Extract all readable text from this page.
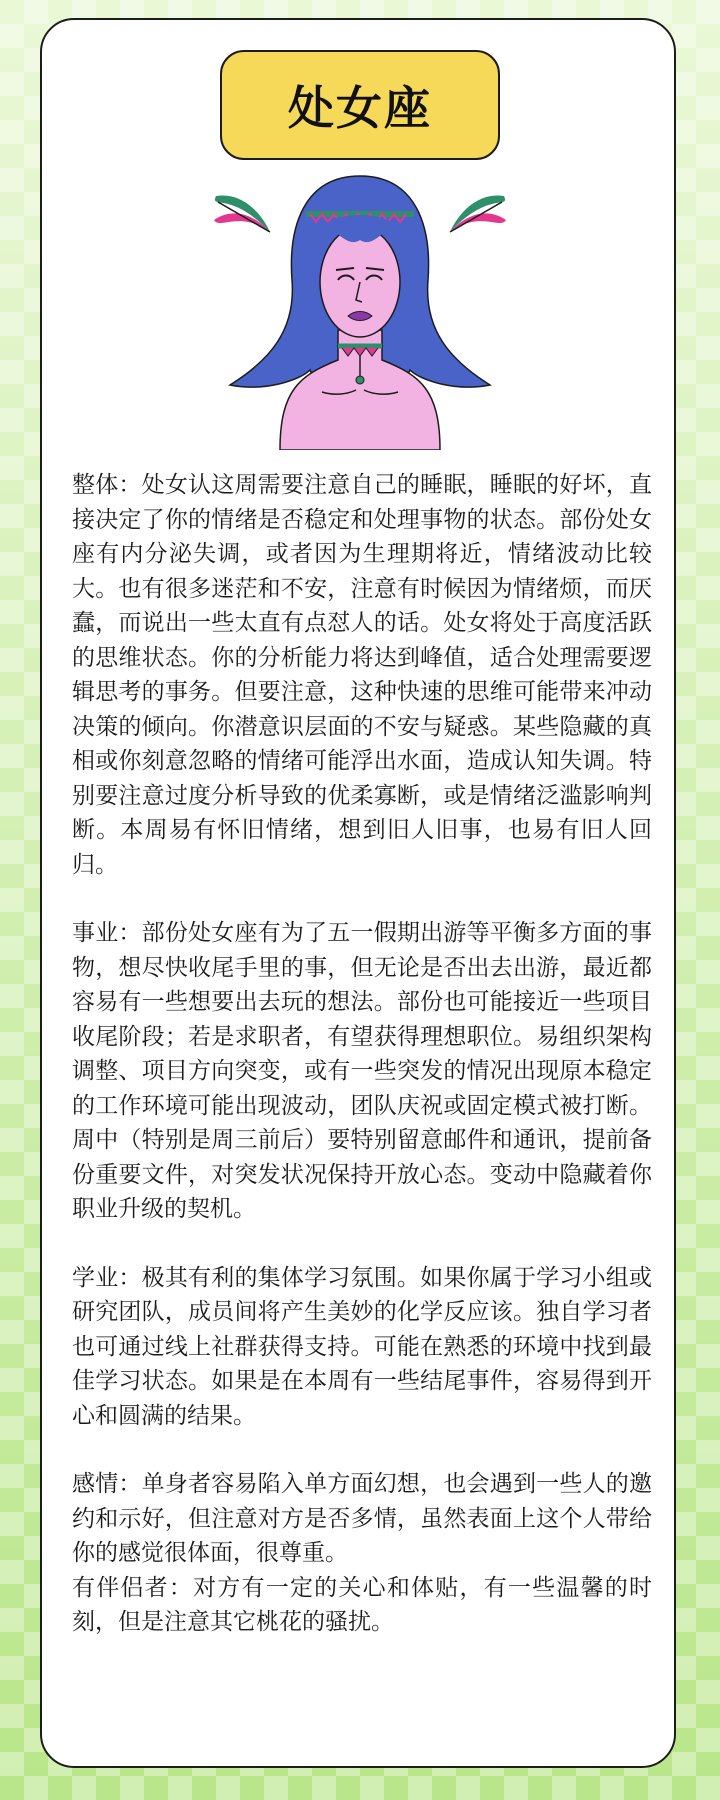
处女座

整体：处女认这周需要注意自己的睡眠，睡眠的好坏，直接决定了你的情绪是否稳定和处理事物的状态。部份处女座有内分泌失调，或者因为生理期将近，情绪波动比较大。也有很多迷茫和不安，注意有时候因为情绪烦，而厌蠢，而说出一些太直有点怼人的话。处女将处于高度活跃的思维状态。你的分析能力将达到峰值，适合处理需要逻辑思考的事务。但要注意，这种快速的思维可能带来冲动决策的倾向。你潜意识层面的不安与疑惑。某些隐藏的真相或你刻意忽略的情绪可能浮出水面，造成认知失调。特别要注意过度分析导致的优柔寡断，或是情绪泛滥影响判断。本周易有怀旧情绪，想到旧人旧事，也易有旧人回归。

事业：部份处女座有为了五一假期出游等平衡多方面的事物，想尽快收尾手里的事，但无论是否出去出游，最近都容易有一些想要出去玩的想法。部份也可能接近一些项目收尾阶段；若是求职者，有望获得理想职位。易组织架构调整、项目方向突变，或有一些突发的情况出现原本稳定的工作环境可能出现波动，团队庆祝或固定模式被打断。周中（特别是周三前后）要特别留意邮件和通讯，提前备份重要文件，对突发状况保持开放心态。变动中隐藏着你职业升级的契机。

学业：极其有利的集体学习氛围。如果你属于学习小组或研究团队，成员间将产生美妙的化学反应该。独自学习者也可通过线上社群获得支持。可能在熟悉的环境中找到最佳学习状态。如果是在本周有一些结尾事件，容易得到开心和圆满的结果。

感情：单身者容易陷入单方面幻想，也会遇到一些人的邀约和示好，但注意对方是否多情，虽然表面上这个人带给你的感觉很体面，很尊重。

有伴侣者：对方有一定的关心和体贴，有一些温馨的时刻，但是注意其它桃花的骚扰。
